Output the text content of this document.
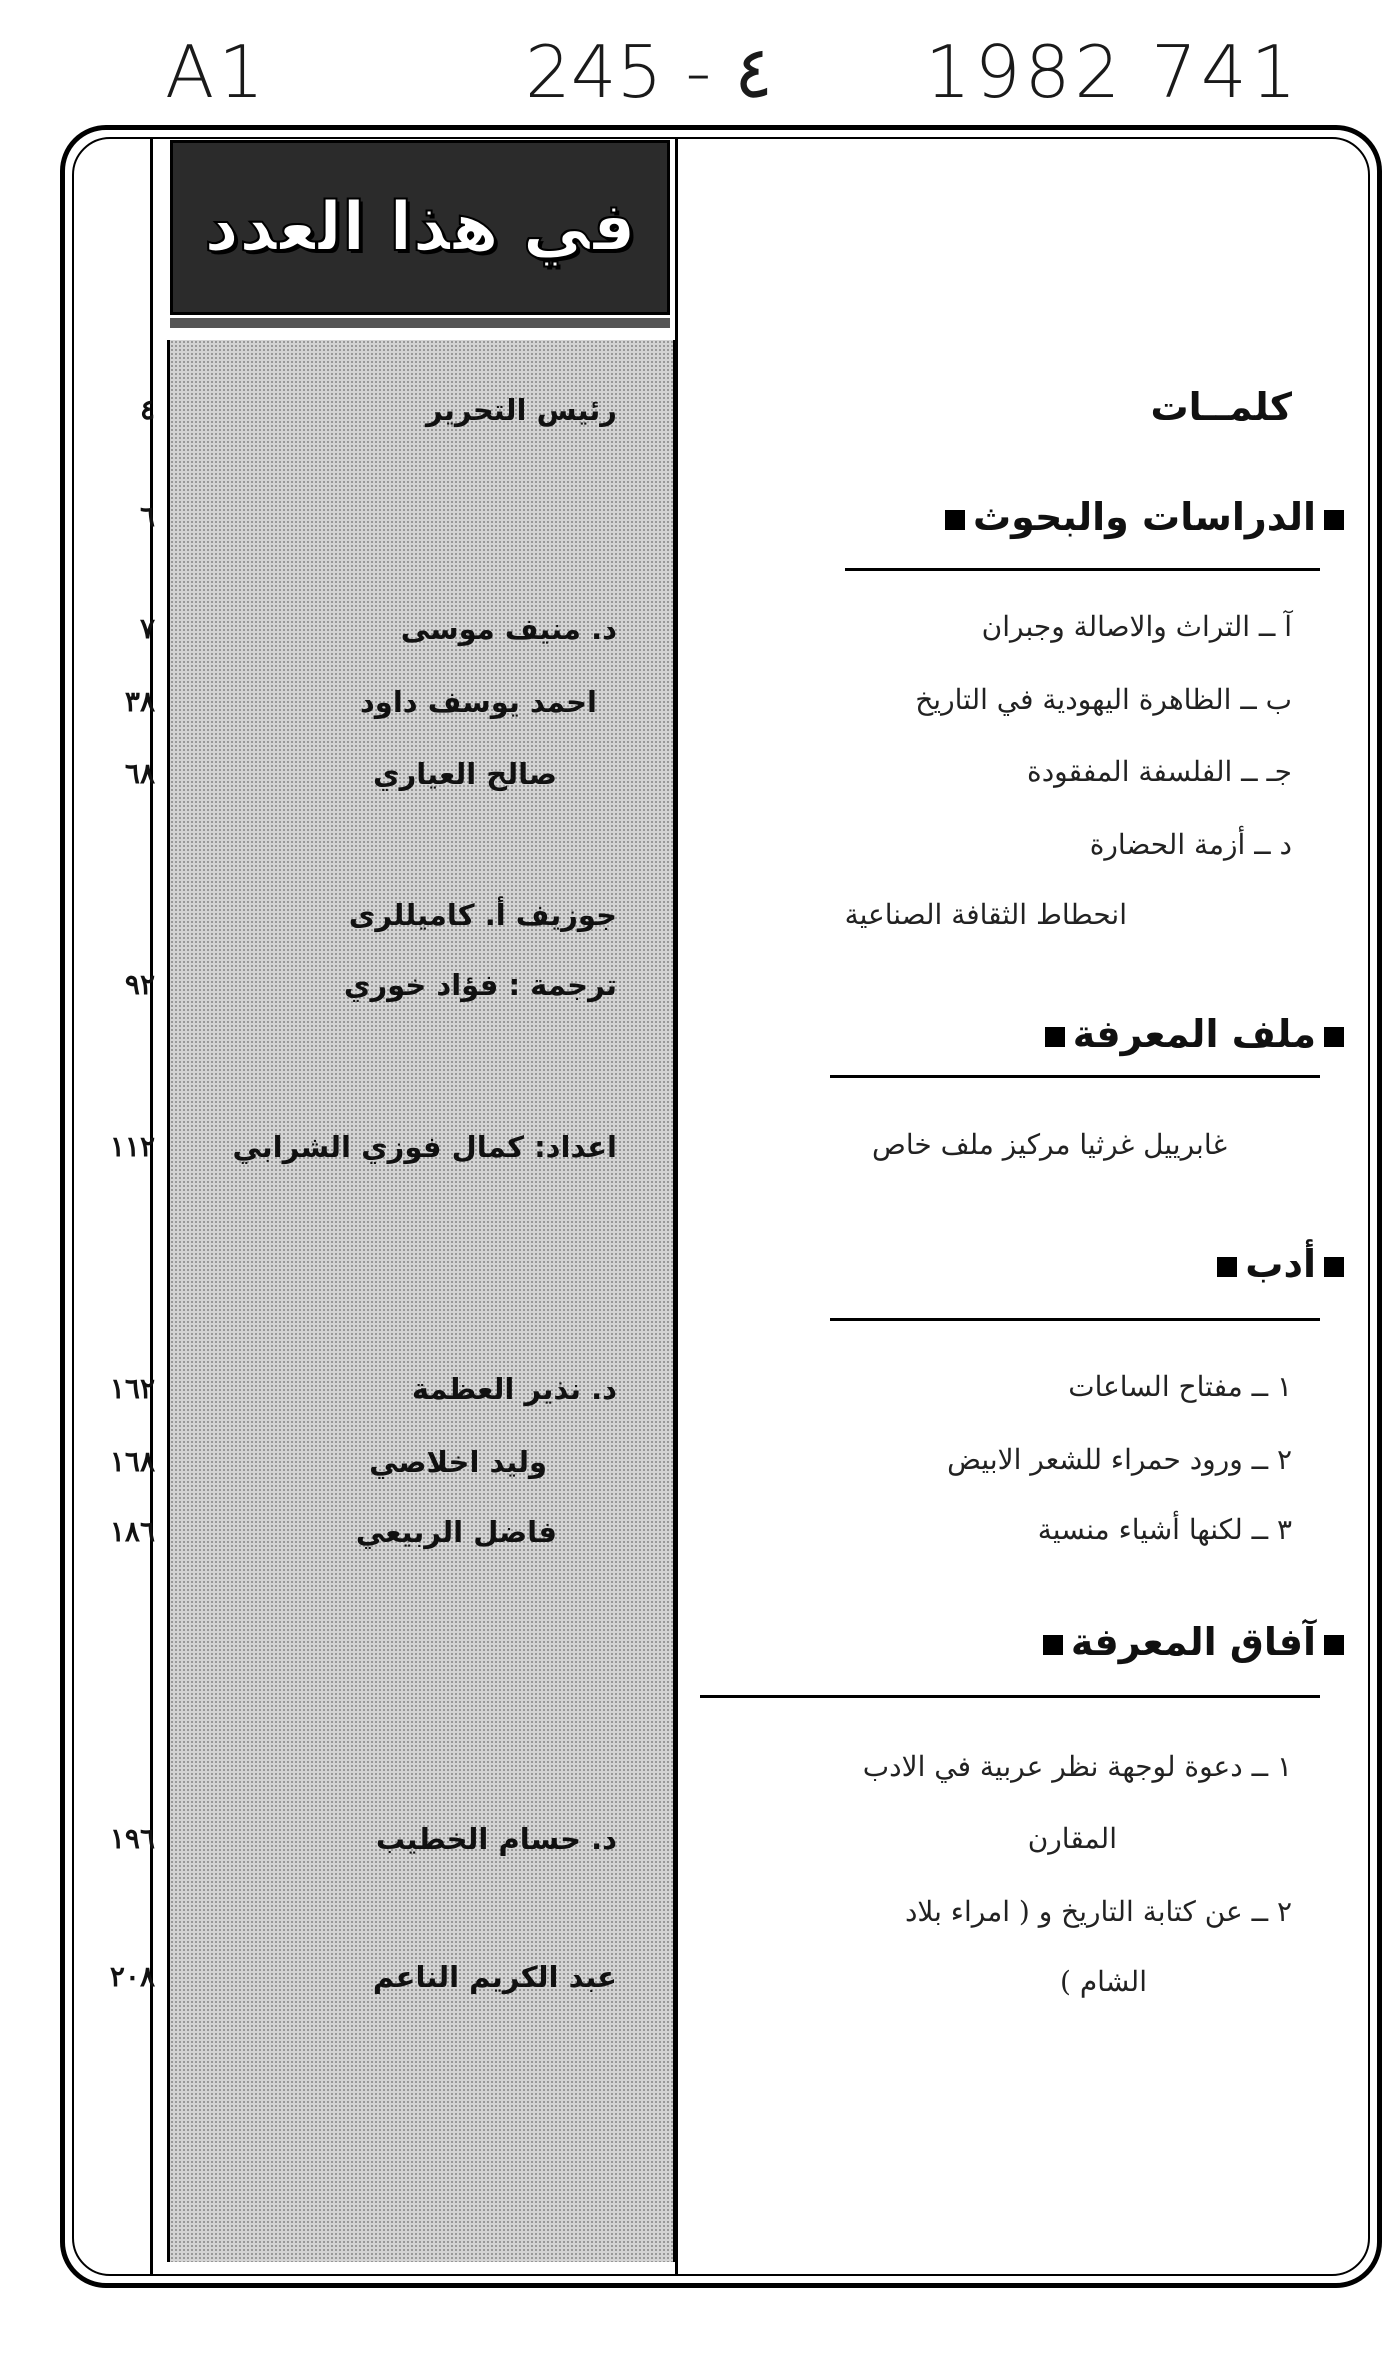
A1	245 - ٤ 1982 741
في هذا العدد
كلمــات
رئيس التحرير
٤
الدراسات والبحوث
٦
آ ــ التراث والاصالة وجبران
د. منيف موسى
٧
ب ــ الظاهرة اليهودية في التاريخ
احمد يوسف داود
٣٨
جـ ــ الفلسفة المفقودة
صالح العياري
٦٨
د ــ أزمة الحضارة
انحطاط الثقافة الصناعية
جوزيف أ. كاميللرى
ترجمة : فؤاد خوري
٩٢
ملف المعرفة
غابرييل غرثيا مركيز ملف خاص
اعداد: كمال فوزي الشرابي
١١٢
أدب
١ ــ مفتاح الساعات
د. نذير العظمة
١٦٢
٢ ــ ورود حمراء للشعر الابيض
وليد اخلاصي
١٦٨
٣ ــ لكنها أشياء منسية
فاضل الربيعي
١٨٦
آفاق المعرفة
١ ــ دعوة لوجهة نظر عربية في الادب
المقارن
د. حسام الخطيب
١٩٦
٢ ــ عن كتابة التاريخ و ( امراء بلاد
الشام )
عبد الكريم الناعم
٢٠٨
